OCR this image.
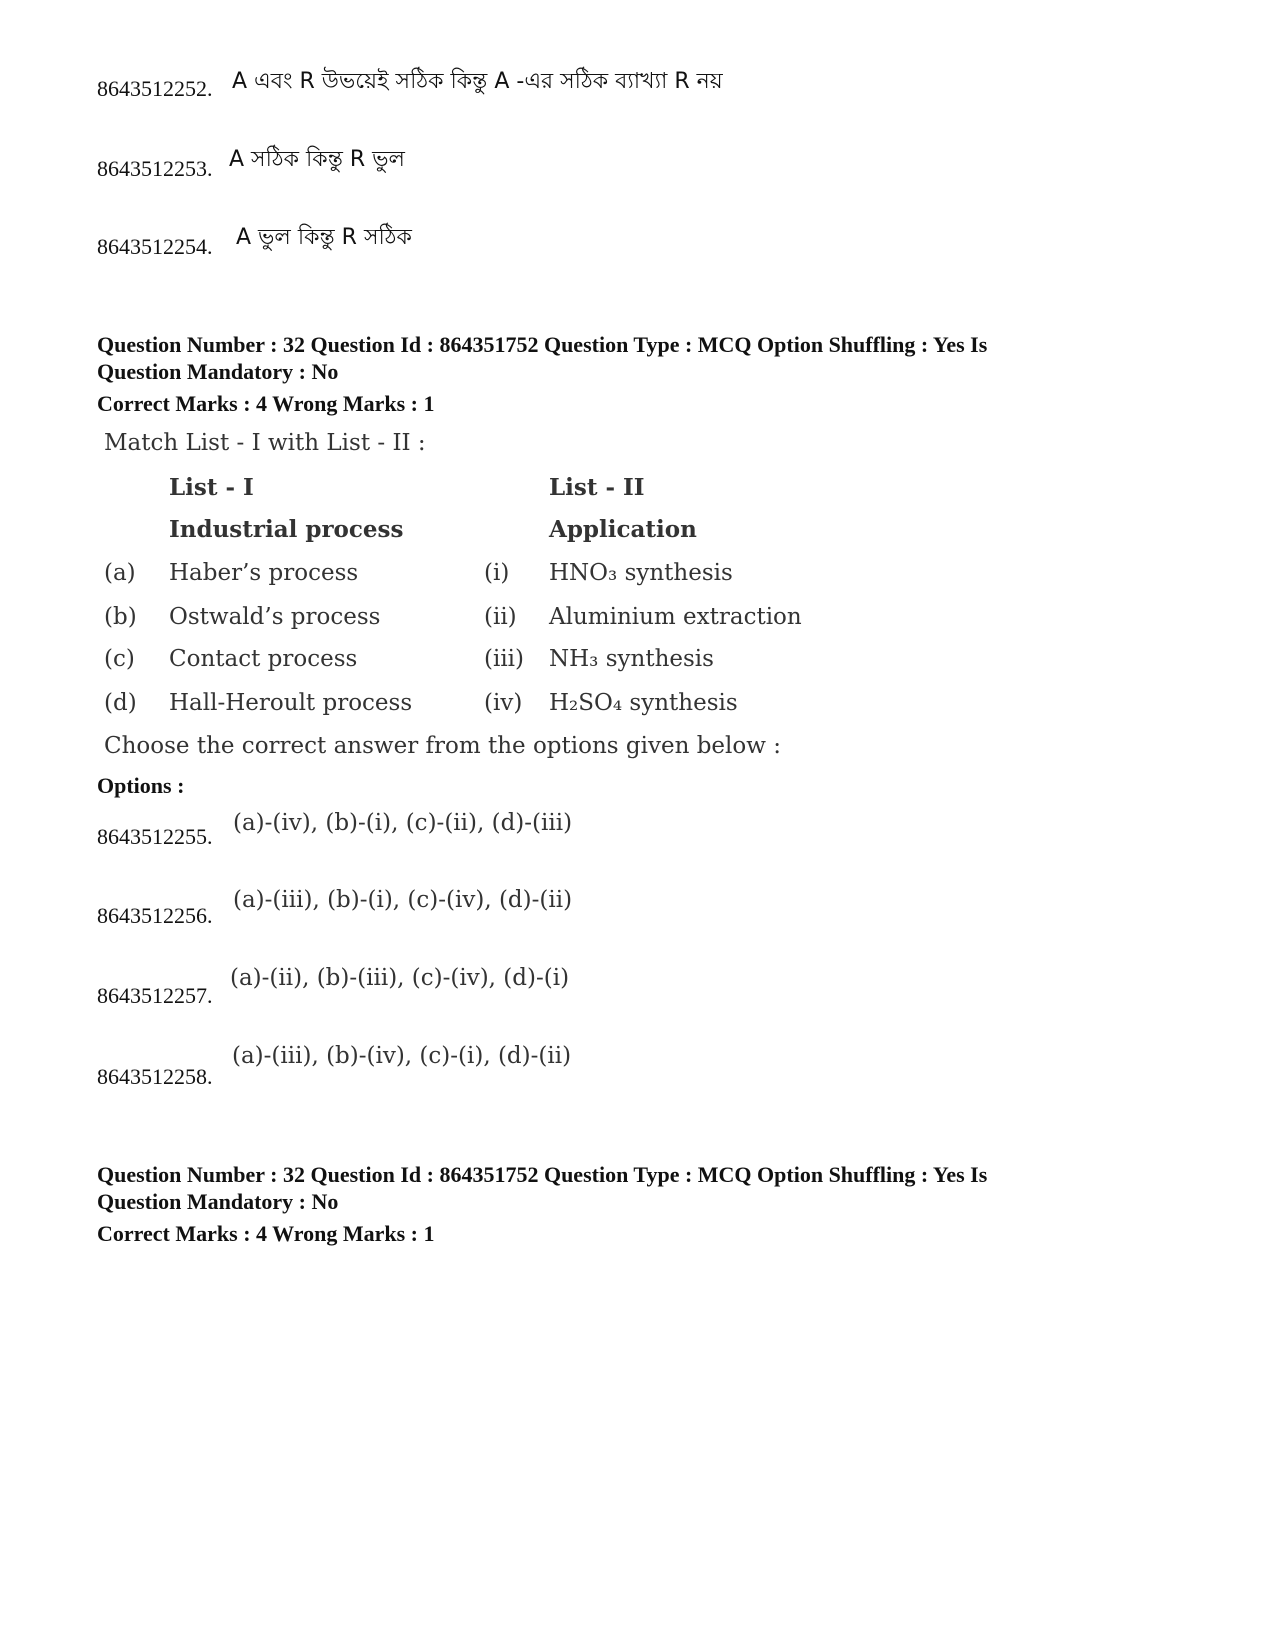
8643512252. A এবং R উভয়েই সঠিক কিন্তু A -এর সঠিক ব্যাখ্যা R নয়
8643512253. A সঠিক কিন্তু R ভুল
8643512254. A ভুল কিন্তু R সঠিক
Question Number : 32 Question Id : 864351752 Question Type : MCQ Option Shuffling : Yes Is
Question Mandatory : No
Correct Marks : 4 Wrong Marks : 1
Match List - I with List - II :
List - I	List - II
Industrial process	Application
(a) Haber’s process	(i) HNO₃ synthesis
(b) Ostwald’s process	(ii) Aluminium extraction
(c) Contact process	(iii) NH₃ synthesis
(d) Hall-Heroult process	(iv) H₂SO₄ synthesis
Choose the correct answer from the options given below :
Options :
8643512255.
(a)-(iv), (b)-(i), (c)-(ii), (d)-(iii)
8643512256.
(a)-(iii), (b)-(i), (c)-(iv), (d)-(ii)
8643512257.
(a)-(ii), (b)-(iii), (c)-(iv), (d)-(i)
8643512258.
(a)-(iii), (b)-(iv), (c)-(i), (d)-(ii)
Question Number : 32 Question Id : 864351752 Question Type : MCQ Option Shuffling : Yes Is
Question Mandatory : No
Correct Marks : 4 Wrong Marks : 1
